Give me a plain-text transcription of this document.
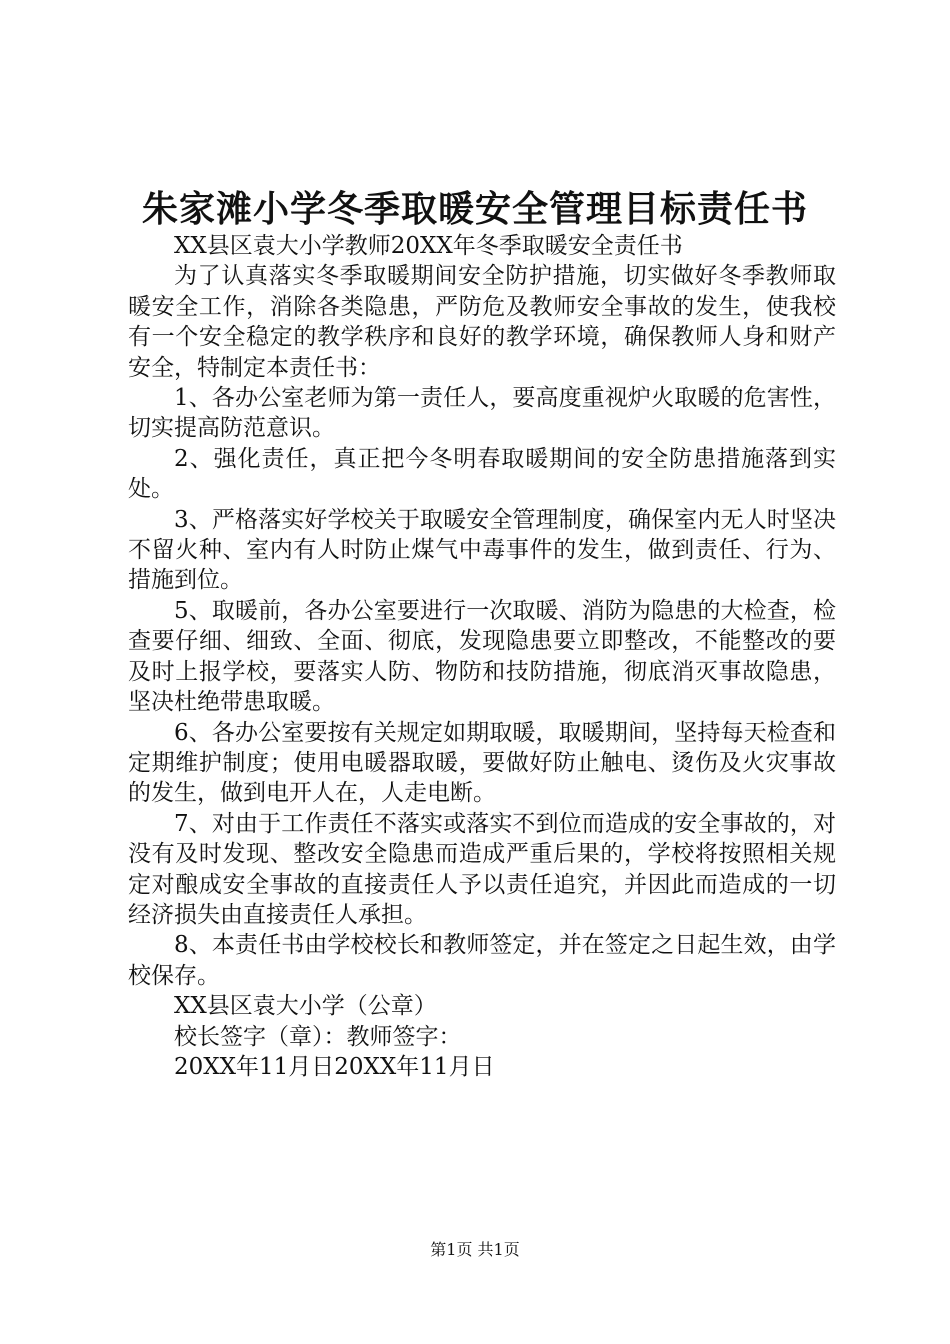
朱家滩小学冬季取暖安全管理目标责任书

XX县区袁大小学教师20XX年冬季取暖安全责任书

为了认真落实冬季取暖期间安全防护措施，切实做好冬季教师取暖安全工作，消除各类隐患，严防危及教师安全事故的发生，使我校有一个安全稳定的教学秩序和良好的教学环境，确保教师人身和财产安全，特制定本责任书：

1、各办公室老师为第一责任人，要高度重视炉火取暖的危害性，切实提高防范意识。

2、强化责任，真正把今冬明春取暖期间的安全防患措施落到实处。

3、严格落实好学校关于取暖安全管理制度，确保室内无人时坚决不留火种、室内有人时防止煤气中毒事件的发生，做到责任、行为、措施到位。

5、取暖前，各办公室要进行一次取暖、消防为隐患的大检查，检查要仔细、细致、全面、彻底，发现隐患要立即整改，不能整改的要及时上报学校，要落实人防、物防和技防措施，彻底消灭事故隐患，坚决杜绝带患取暖。

6、各办公室要按有关规定如期取暖，取暖期间，坚持每天检查和定期维护制度；使用电暖器取暖，要做好防止触电、烫伤及火灾事故的发生，做到电开人在，人走电断。

7、对由于工作责任不落实或落实不到位而造成的安全事故的，对没有及时发现、整改安全隐患而造成严重后果的，学校将按照相关规定对酿成安全事故的直接责任人予以责任追究，并因此而造成的一切经济损失由直接责任人承担。

8、本责任书由学校校长和教师签定，并在签定之日起生效，由学校保存。

XX县区袁大小学（公章）

校长签字（章）：教师签字：

20XX年11月日20XX年11月日

第1页 共1页
